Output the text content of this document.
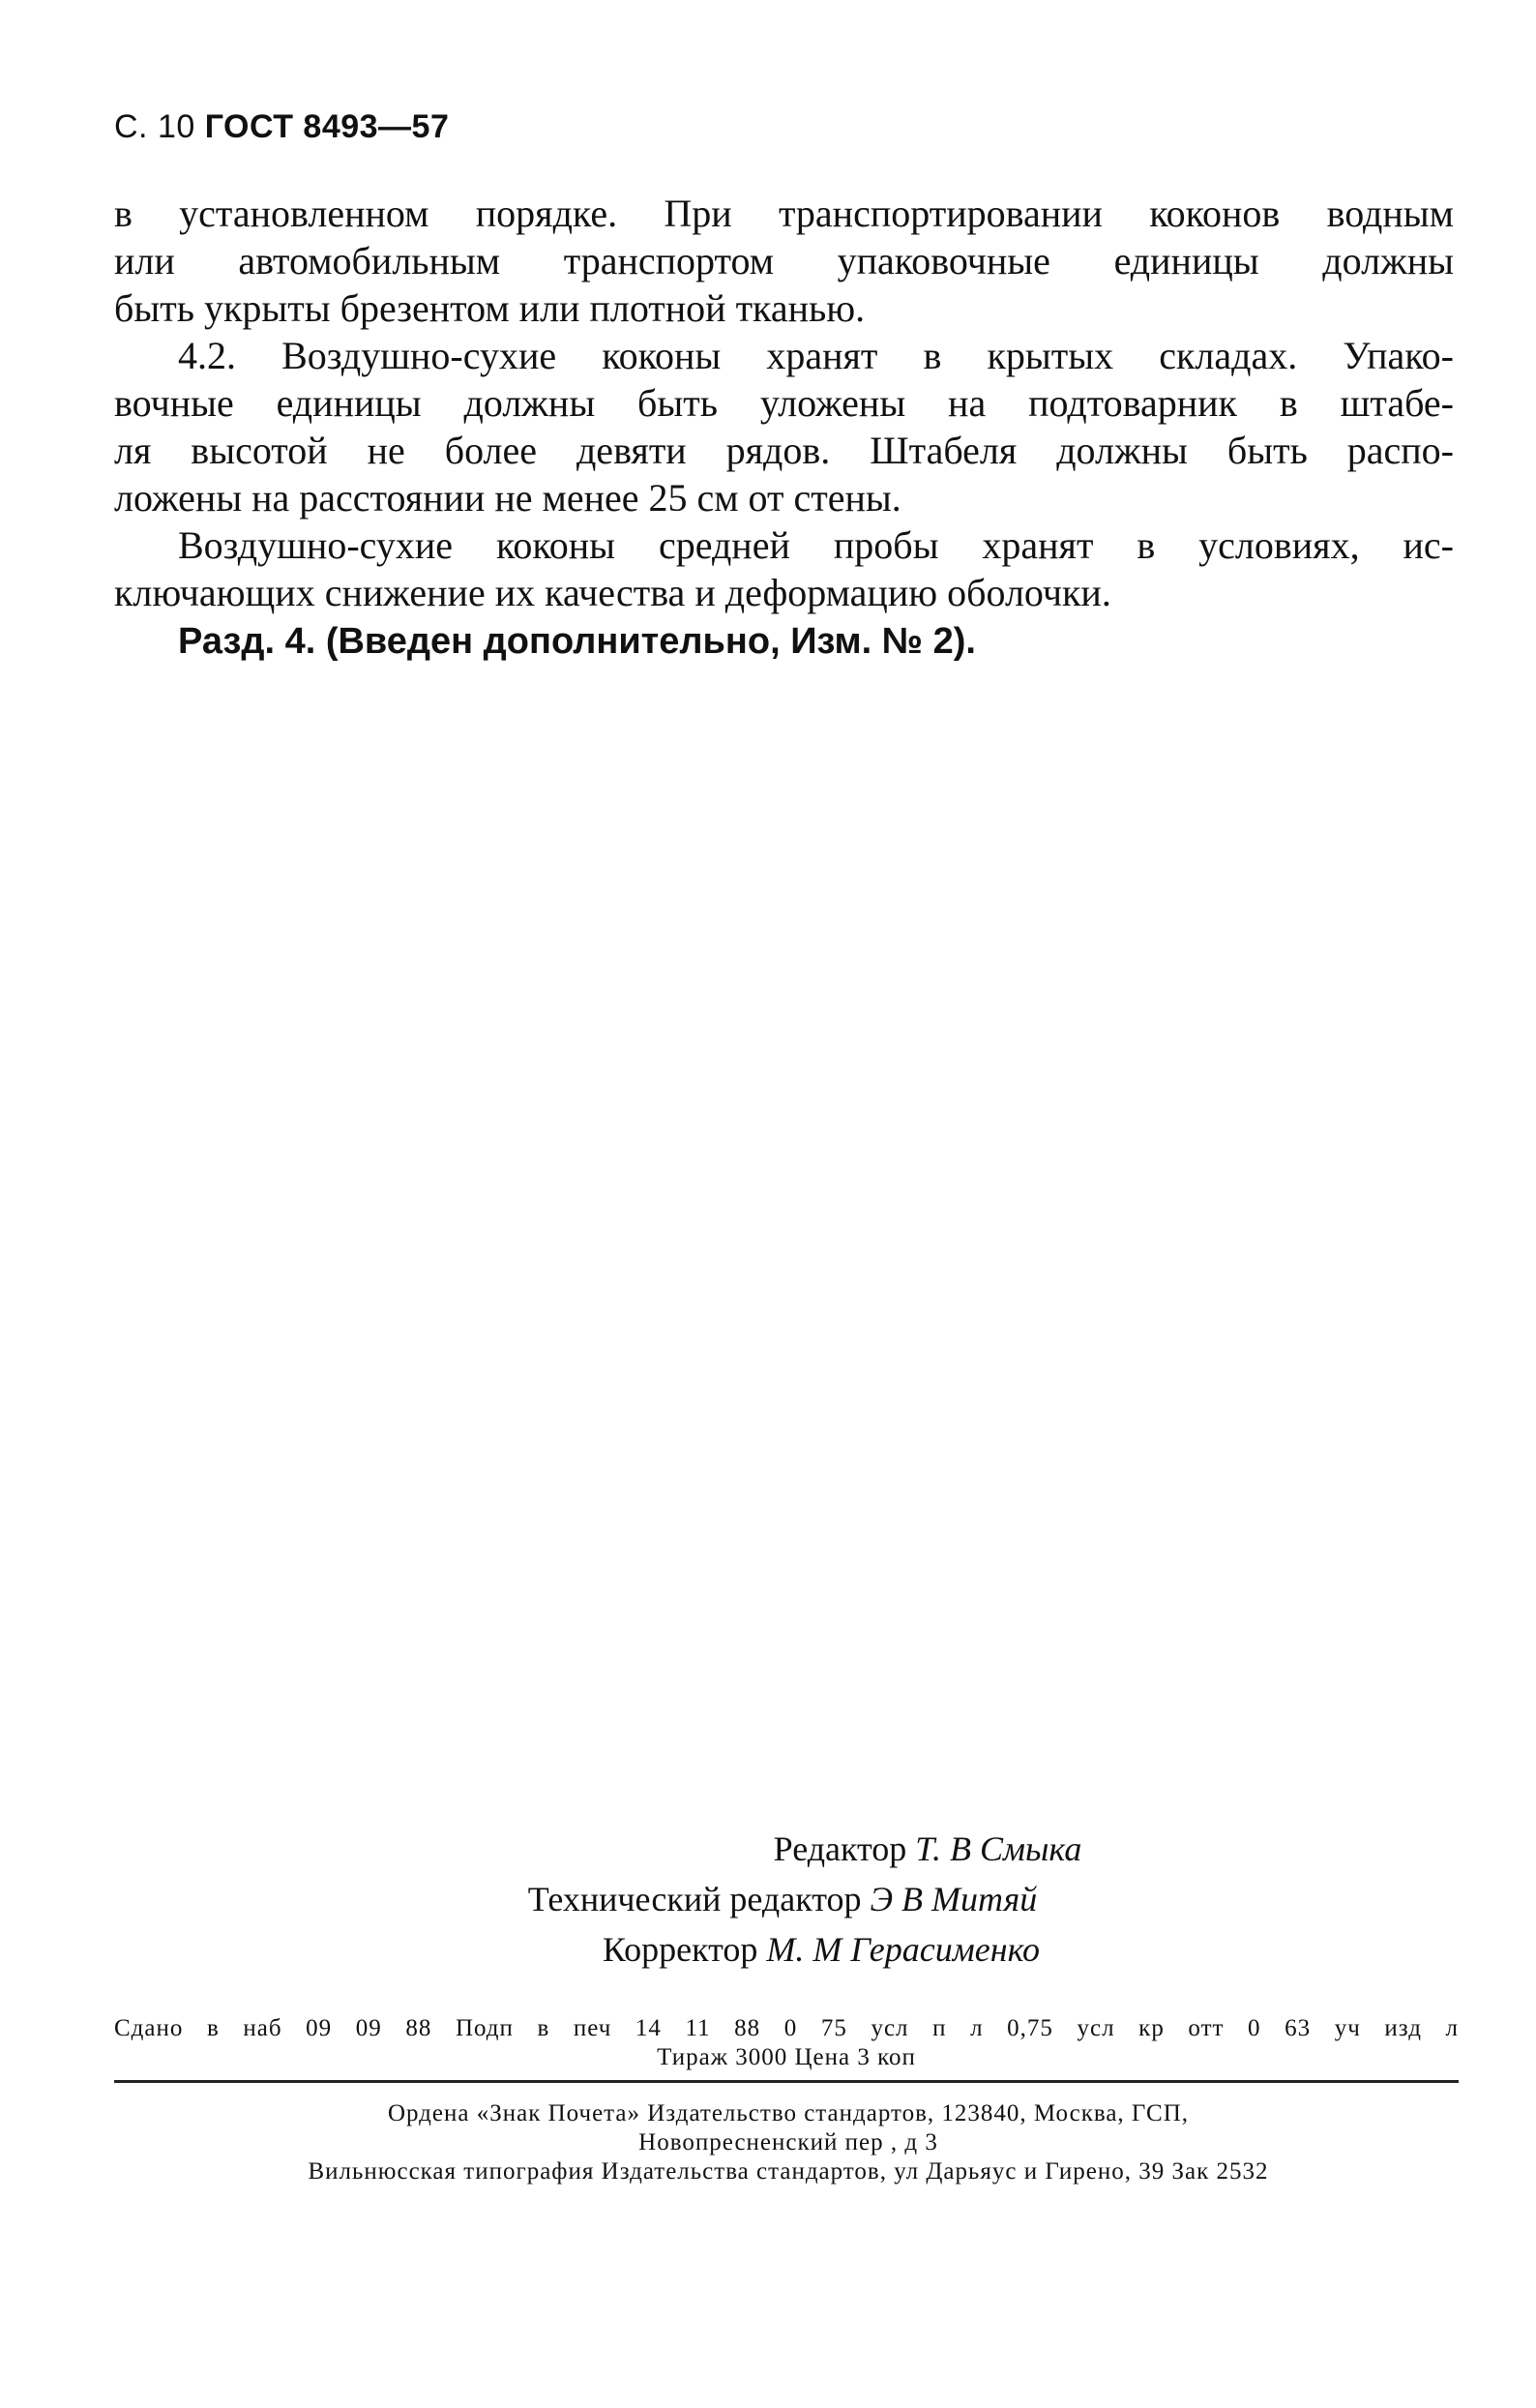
С. 10 ГОСТ 8493—57
в установленном порядке. При транспортировании коконов водным
или автомобильным транспортом упаковочные единицы должны
быть укрыты брезентом или плотной тканью.
4.2. Воздушно-сухие коконы хранят в крытых складах. Упако-
вочные единицы должны быть уложены на подтоварник в штабе-
ля высотой не более девяти рядов. Штабеля должны быть распо-
ложены на расстоянии не менее 25 см от стены.
Воздушно-сухие коконы средней пробы хранят в условиях, ис-
ключающих снижение их качества и деформацию оболочки.
Разд. 4. (Введен дополнительно, Изм. № 2).
Редактор Т. В Смыка
Технический редактор Э В Митяй
Корректор М. М Герасименко
Сдано в наб 09 09 88 Подп в печ 14 11 88 0 75 усл п л 0,75 усл кр отт 0 63 уч изд л
Тираж 3000 Цена 3 коп
Ордена «Знак Почета» Издательство стандартов, 123840, Москва, ГСП,
Новопресненский пер , д 3
Вильнюсская типография Издательства стандартов, ул Дарьяус и Гирено, 39 Зак 2532
